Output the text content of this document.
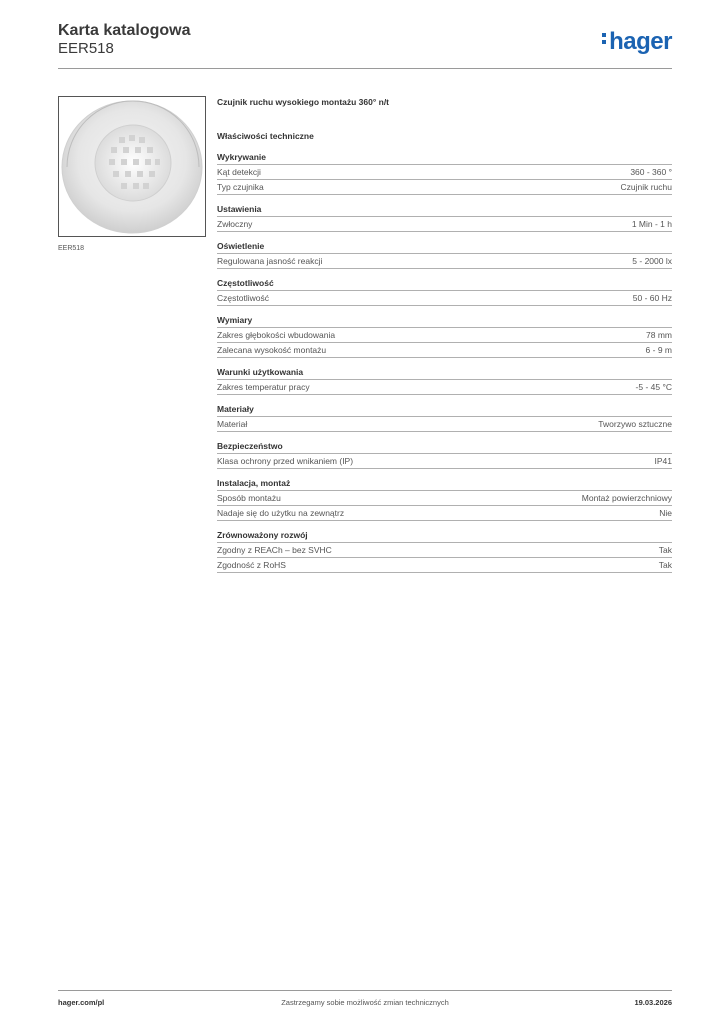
Karta katalogowa
EER518	hager
EER518
Czujnik ruchu wysokiego montażu 360° n/t
Właściwości techniczne
Wykrywanie
Kąt detekcji	360 - 360 °
Typ czujnika	Czujnik ruchu
Ustawienia
Zwłoczny	1 Min - 1 h
Oświetlenie
Regulowana jasność reakcji	5 - 2000 lx
Częstotliwość
Częstotliwość	50 - 60 Hz
Wymiary
Zakres głębokości wbudowania	78 mm
Zalecana wysokość montażu	6 - 9 m
Warunki użytkowania
Zakres temperatur pracy	-5 - 45 °C
Materiały
Materiał	Tworzywo sztuczne
Bezpieczeństwo
Klasa ochrony przed wnikaniem (IP)	IP41
Instalacja, montaż
Sposób montażu	Montaż powierzchniowy
Nadaje się do użytku na zewnątrz	Nie
Zrównoważony rozwój
Zgodny z REACh – bez SVHC	Tak
Zgodność z RoHS	Tak
hager.com/pl	Zastrzegamy sobie możliwość zmian technicznych	19.03.2026
